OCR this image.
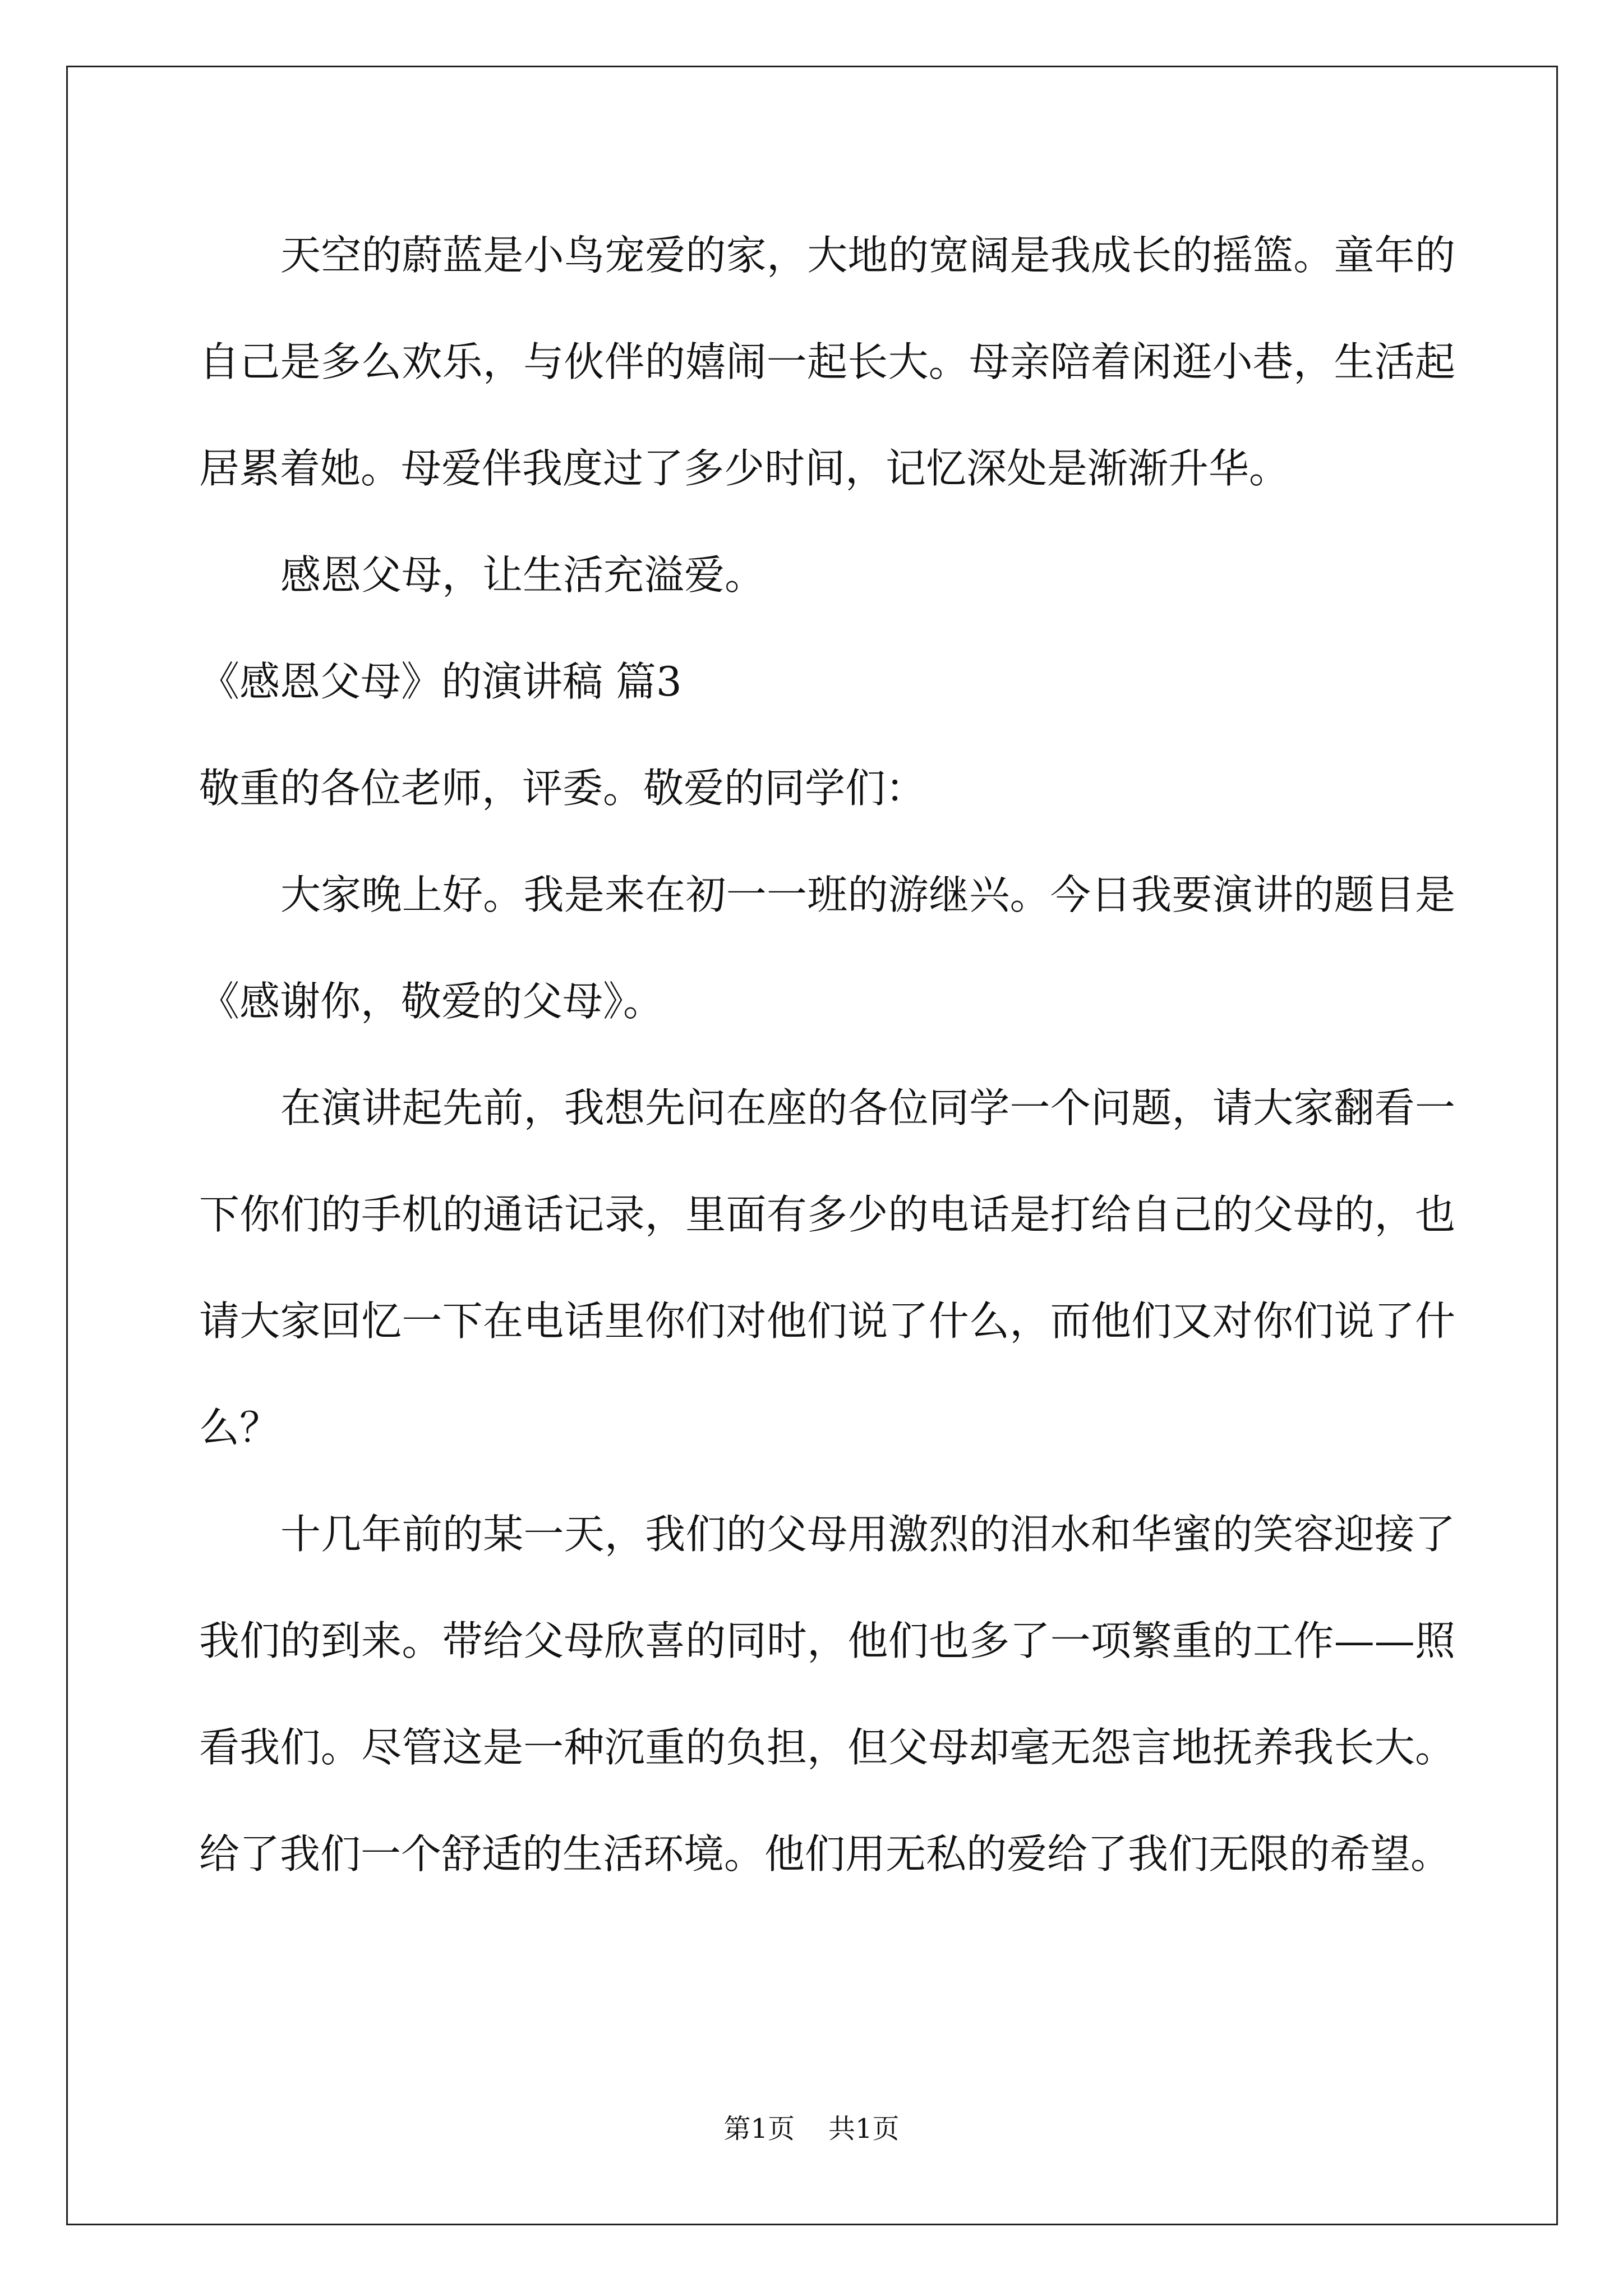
天空的蔚蓝是小鸟宠爱的家，大地的宽阔是我成长的摇篮。童年的自己是多么欢乐，与伙伴的嬉闹一起长大。母亲陪着闲逛小巷，生活起居累着她。母爱伴我度过了多少时间，记忆深处是渐渐升华。

感恩父母，让生活充溢爱。

《感恩父母》的演讲稿 篇3

敬重的各位老师，评委。敬爱的同学们：

大家晚上好。我是来在初一一班的游继兴。今日我要演讲的题目是《感谢你，敬爱的父母》。

在演讲起先前，我想先问在座的各位同学一个问题，请大家翻看一下你们的手机的通话记录，里面有多少的电话是打给自己的父母的，也请大家回忆一下在电话里你们对他们说了什么，而他们又对你们说了什么？

十几年前的某一天，我们的父母用激烈的泪水和华蜜的笑容迎接了我们的到来。带给父母欣喜的同时，他们也多了一项繁重的工作——照看我们。尽管这是一种沉重的负担，但父母却毫无怨言地抚养我长大。给了我们一个舒适的生活环境。他们用无私的爱给了我们无限的希望。

第1页 共1页
